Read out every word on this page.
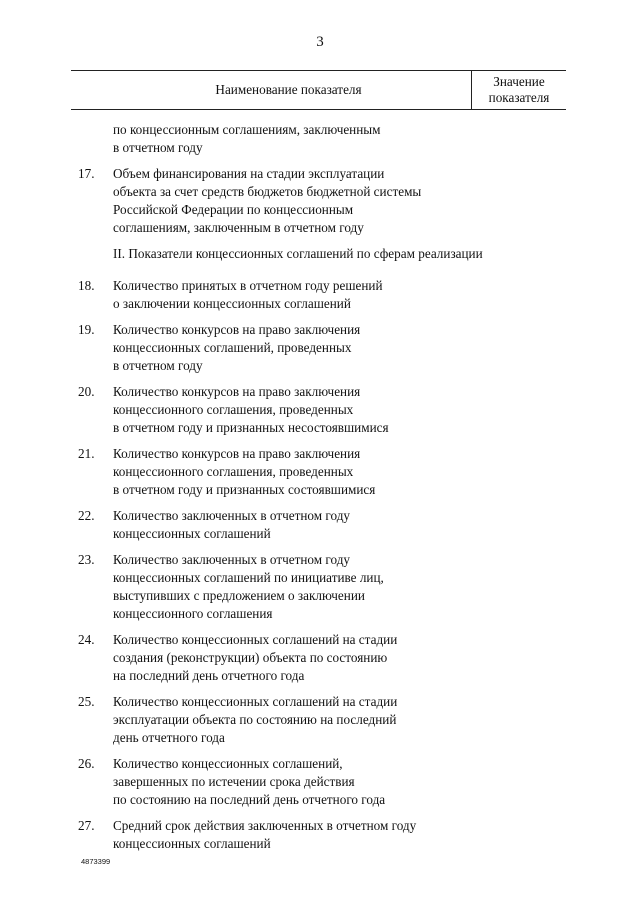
3
Наименование показателя
Значение
показателя
по концессионным соглашениям, заключенным
в отчетном году
17. Объем финансирования на стадии эксплуатации
объекта за счет средств бюджетов бюджетной системы
Российской Федерации по концессионным
соглашениям, заключенным в отчетном году
II. Показатели концессионных соглашений по сферам реализации
18. Количество принятых в отчетном году решений
о заключении концессионных соглашений
19. Количество конкурсов на право заключения
концессионных соглашений, проведенных
в отчетном году
20. Количество конкурсов на право заключения
концессионного соглашения, проведенных
в отчетном году и признанных несостоявшимися
21. Количество конкурсов на право заключения
концессионного соглашения, проведенных
в отчетном году и признанных состоявшимися
22. Количество заключенных в отчетном году
концессионных соглашений
23. Количество заключенных в отчетном году
концессионных соглашений по инициативе лиц,
выступивших с предложением о заключении
концессионного соглашения
24. Количество концессионных соглашений на стадии
создания (реконструкции) объекта по состоянию
на последний день отчетного года
25. Количество концессионных соглашений на стадии
эксплуатации объекта по состоянию на последний
день отчетного года
26. Количество концессионных соглашений,
завершенных по истечении срока действия
по состоянию на последний день отчетного года
27. Средний срок действия заключенных в отчетном году
концессионных соглашений
4873399
